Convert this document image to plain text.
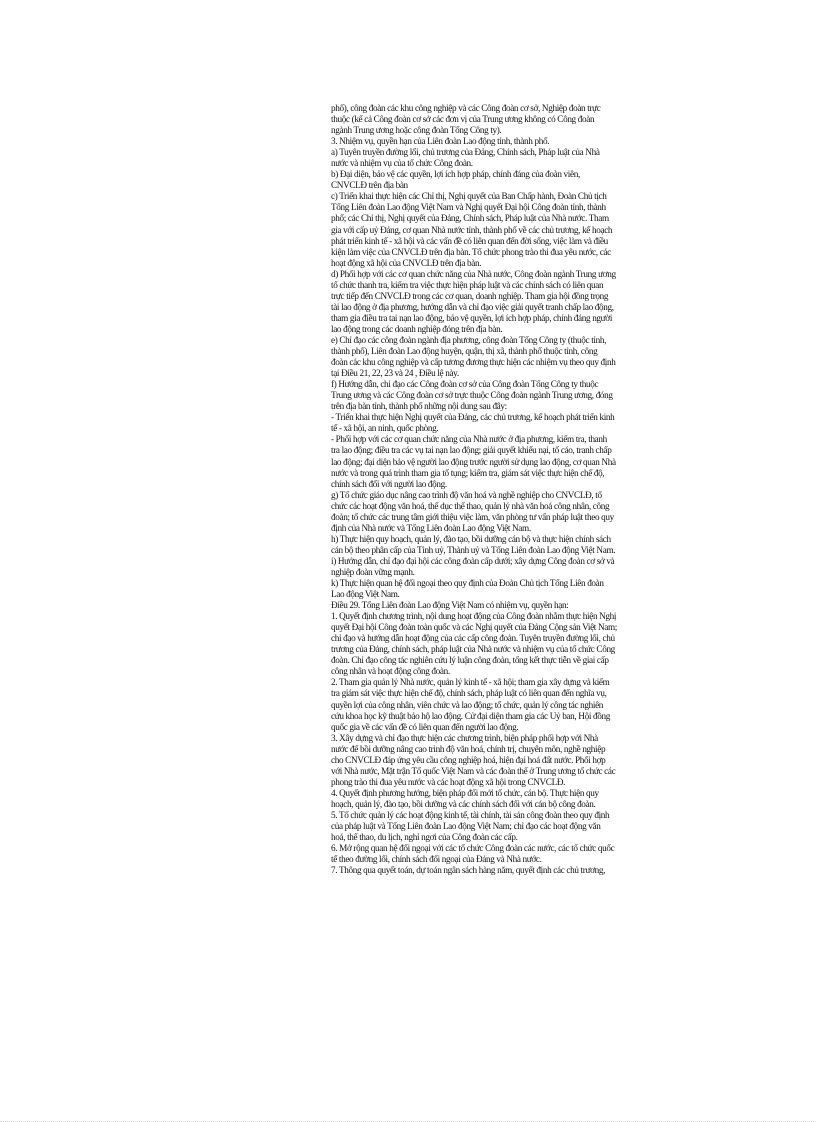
phố), công đoàn các khu công nghiệp và các Công đoàn cơ sở, Nghiệp đoàn trực
thuộc (kể cả Công đoàn cơ sở các đơn vị của Trung ương không có Công đoàn
ngành Trung ương hoặc công đoàn Tổng Công ty).
3. Nhiệm vụ, quyền hạn của Liên đoàn Lao động tỉnh, thành phố.
a) Tuyên truyền đường lối, chủ trương của Đảng, Chính sách, Pháp luật của Nhà
nước và nhiệm vụ của tổ chức Công đoàn.
b) Đại diện, bảo vệ các quyền, lợi ích hợp pháp, chính đáng của đoàn viên,
CNVCLĐ trên địa bàn
c) Triển khai thực hiện các Chỉ thị, Nghị quyết của Ban Chấp hành, Đoàn Chủ tịch
Tổng Liên đoàn Lao động Việt Nam và Nghị quyết Đại hội Công đoàn tỉnh, thành
phố; các Chỉ thị, Nghị quyết của Đảng, Chính sách, Pháp luật của Nhà nước. Tham
gia với cấp uỷ Đảng, cơ quan Nhà nước tỉnh, thành phố về các chủ trương, kế hoạch
phát triển kinh tế - xã hội và các vấn đề có liên quan đến đời sống, việc làm và điều
kiện làm việc của CNVCLĐ trên địa bàn. Tổ chức phong trào thi đua yêu nước, các
hoạt động xã hội của CNVCLĐ trên địa bàn.
d) Phối hợp với các cơ quan chức năng của Nhà nước, Công đoàn ngành Trung ương
tổ chức thanh tra, kiểm tra việc thực hiện pháp luật và các chính sách có liên quan
trực tiếp đến CNVCLĐ trong các cơ quan, doanh nghiệp. Tham gia hội đồng trọng
tài lao động ở địa phương, hướng dẫn và chỉ đạo việc giải quyết tranh chấp lao động,
tham gia điều tra tai nạn lao động, bảo vệ quyền, lợi ích hợp pháp, chính đáng người
lao động trong các doanh nghiệp đóng trên địa bàn.
e) Chỉ đạo các công đoàn ngành địa phương, công đoàn Tổng Công ty (thuộc tỉnh,
thành phố), Liên đoàn Lao động huyện, quận, thị xã, thành phố thuộc tỉnh, công
đoàn các khu công nghiệp và cấp tương đương thực hiện các nhiệm vụ theo quy định
tại Điều 21, 22, 23 và 24 , Điều lệ này.
f) Hướng dẫn, chỉ đạo các Công đoàn cơ sở của Công đoàn Tổng Công ty thuộc
Trung ương và các Công đoàn cơ sở trực thuộc Công đoàn ngành Trung ương, đóng
trên địa bàn tỉnh, thành phố những nội dung sau đây:
- Triển khai thực hiện Nghị quyết của Đảng, các chủ trương, kế hoạch phát triển kinh
tế - xã hội, an ninh, quốc phòng.
- Phối hợp với các cơ quan chức năng của Nhà nước ở địa phương, kiểm tra, thanh
tra lao động; điều tra các vụ tai nạn lao động; giải quyết khiếu nại, tố cáo, tranh chấp
lao động; đại diện bảo vệ người lao động trước người sử dụng lao động, cơ quan Nhà
nước và trong quá trình tham gia tố tụng; kiểm tra, giám sát việc thực hiện chế độ,
chính sách đối với người lao động.
g) Tổ chức giáo dục nâng cao trình độ văn hoá và nghề nghiệp cho CNVCLĐ, tổ
chức các hoạt động văn hoá, thể dục thể thao, quản lý nhà văn hoá công nhân, công
đoàn; tổ chức các trung tâm giới thiệu việc làm, văn phòng tư vấn pháp luật theo quy
định của Nhà nước và Tổng Liên đoàn Lao động Việt Nam.
h) Thực hiện quy hoạch, quản lý, đào tạo, bồi dưỡng cán bộ và thực hiện chính sách
cán bộ theo phân cấp của Tỉnh uỷ, Thành uỷ và Tổng Liên đoàn Lao động Việt Nam.
i) Hướng dẫn, chỉ đạo đại hội các công đoàn cấp dưới; xây dựng Công đoàn cơ sở và
nghiệp đoàn vững mạnh.
k) Thực hiện quan hệ đối ngoại theo quy định của Đoàn Chủ tịch Tổng Liên đoàn
Lao động Việt Nam.
Điều 29. Tổng Liên đoàn Lao động Việt Nam có nhiệm vụ, quyền hạn:
1. Quyết định chương trình, nội dung hoạt động của Công đoàn nhằm thực hiện Nghị
quyết Đại hội Công đoàn toàn quốc và các Nghị quyết của Đảng Cộng sản Việt Nam;
chỉ đạo và hướng dẫn hoạt động của các cấp công đoàn. Tuyên truyền đường lối, chủ
trương của Đảng, chính sách, pháp luật của Nhà nước và nhiệm vụ của tổ chức Công
đoàn. Chỉ đạo công tác nghiên cứu lý luận công đoàn, tổng kết thực tiễn về giai cấp
công nhân và hoạt động công đoàn.
2. Tham gia quản lý Nhà nước, quản lý kinh tế - xã hội; tham gia xây dựng và kiểm
tra giám sát việc thực hiện chế độ, chính sách, pháp luật có liên quan đến nghĩa vụ,
quyền lợi của công nhân, viên chức và lao động; tổ chức, quản lý công tác nghiên
cứu khoa học kỹ thuật bảo hộ lao động. Cử đại diện tham gia các Uỷ ban, Hội đồng
quốc gia về các vấn đề có liên quan đến người lao động.
3. Xây dựng và chỉ đạo thực hiện các chương trình, biện pháp phối hợp với Nhà
nước để bồi dưỡng nâng cao trình độ văn hoá, chính trị, chuyên môn, nghề nghiệp
cho CNVCLĐ đáp ứng yêu cầu công nghiệp hoá, hiện đại hoá đất nước. Phối hợp
với Nhà nước, Mặt trận Tổ quốc Việt Nam và các đoàn thể ở Trung ương tổ chức các
phong trào thi đua yêu nước và các hoạt động xã hội trong CNVCLĐ.
4. Quyết định phương hướng, biện pháp đổi mới tổ chức, cán bộ. Thực hiện quy
hoạch, quản lý, đào tạo, bồi dưỡng và các chính sách đối với cán bộ công đoàn.
5. Tổ chức quản lý các hoạt động kinh tế, tài chính, tài sản công đoàn theo quy định
của pháp luật và Tổng Liên đoàn Lao động Việt Nam; chỉ đạo các hoạt động văn
hoá, thể thao, du lịch, nghỉ ngơi của Công đoàn các cấp.
6. Mở rộng quan hệ đối ngoại với các tổ chức Công đoàn các nước, các tổ chức quốc
tế theo đường lối, chính sách đối ngoại của Đảng và Nhà nước.
7. Thông qua quyết toán, dự toán ngân sách hàng năm, quyết định các chủ trương,
